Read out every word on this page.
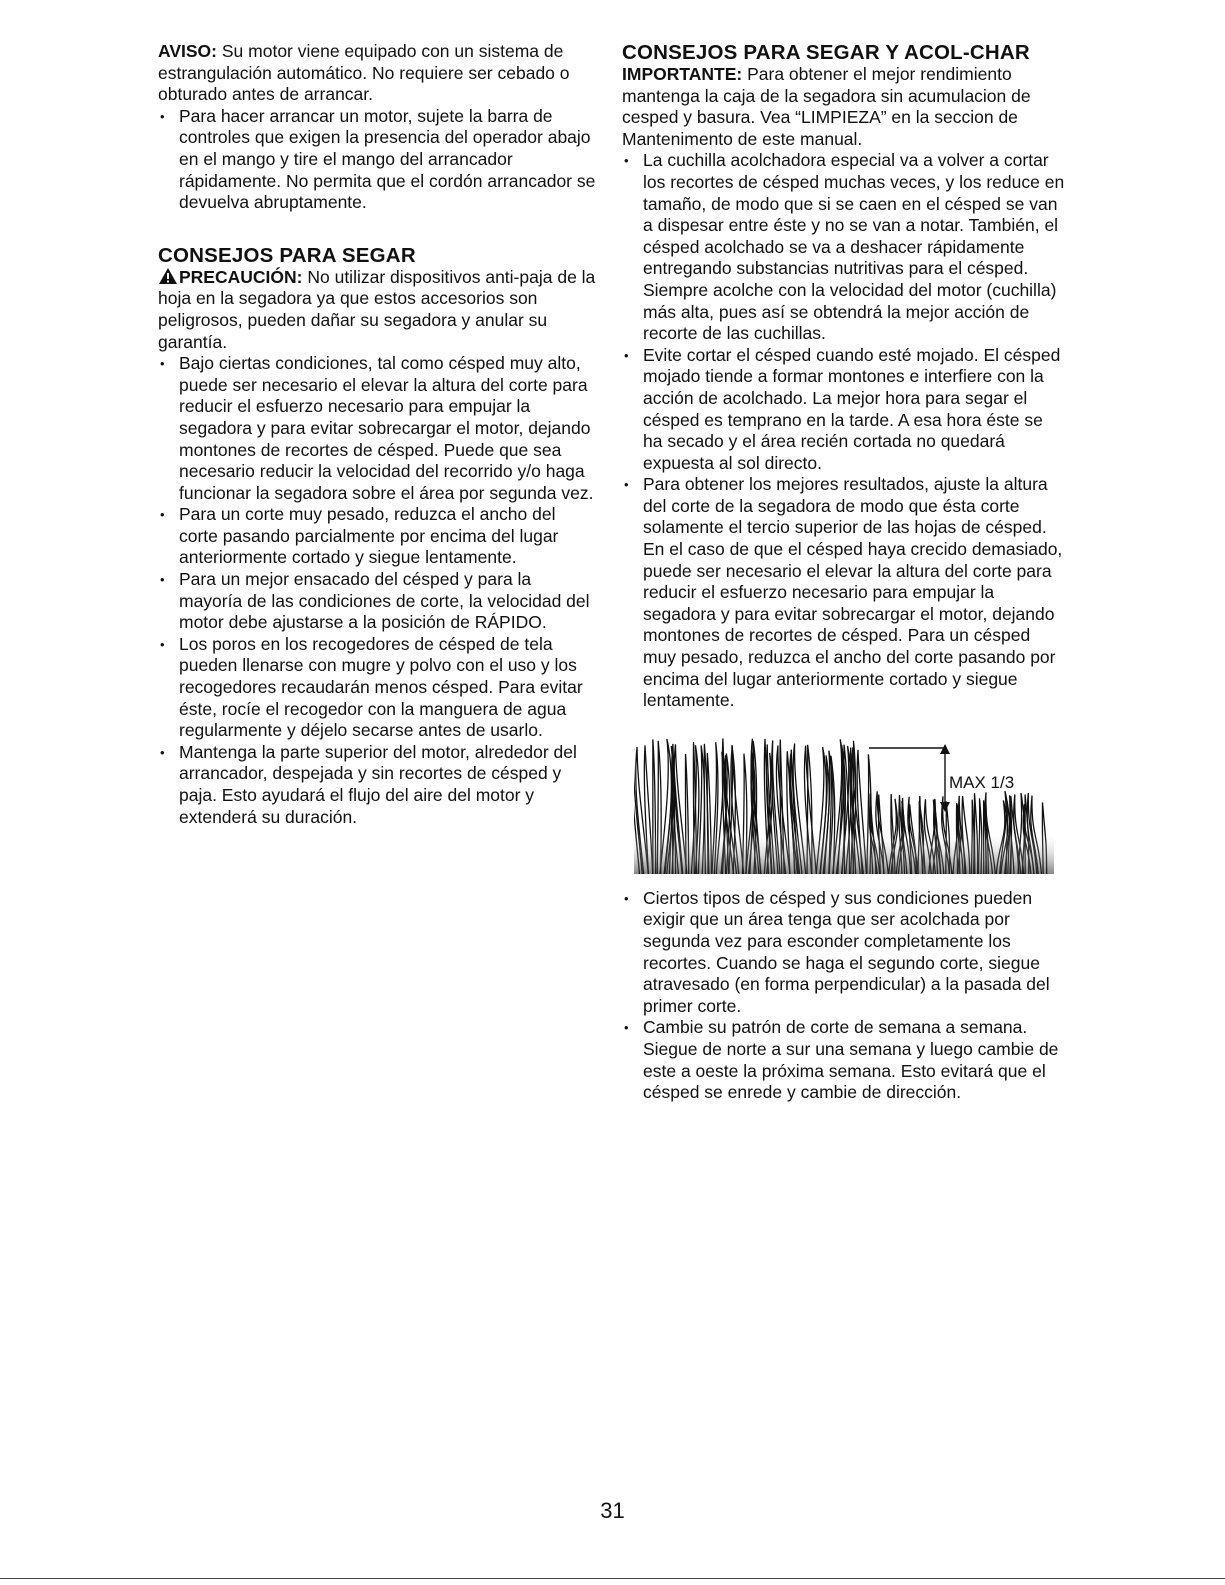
AVISO: Su motor viene equipado con un sistema de estrangulación automático. No requiere ser cebado o obturado antes de arrancar.

• Para hacer arrancar un motor, sujete la barra de controles que exigen la presencia del operador abajo en el mango y tire el mango del arrancador rápidamente. No permita que el cordón arrancador se devuelva abruptamente.
CONSEJOS PARA SEGAR

PRECAUCIÓN: No utilizar dispositivos anti-paja de la hoja en la segadora ya que estos accesorios son peligrosos, pueden dañar su segadora y anular su garantía.

• Bajo ciertas condiciones, tal como césped muy alto, puede ser necesario el elevar la altura del corte para reducir el esfuerzo necesario para empujar la segadora y para evitar sobrecargar el motor, dejando montones de recortes de césped. Puede que sea necesario reducir la velocidad del recorrido y/o haga funcionar la segadora sobre el área por segunda vez.
• Para un corte muy pesado, reduzca el ancho del corte pasando parcialmente por encima del lugar anteriormente cortado y siegue lentamente.
• Para un mejor ensacado del césped y para la mayoría de las condiciones de corte, la velocidad del motor debe ajustarse a la posición de RÁPIDO.
• Los poros en los recogedores de césped de tela pueden llenarse con mugre y polvo con el uso y los recogedores recaudarán menos césped. Para evitar éste, rocíe el recogedor con la manguera de agua regularmente y déjelo secarse antes de usarlo.
• Mantenga la parte superior del motor, alrededor del arrancador, despejada y sin recortes de césped y paja. Esto ayudará el flujo del aire del motor y extenderá su duración.
CONSEJOS PARA SEGAR Y ACOL-CHAR

IMPORTANTE: Para obtener el mejor rendimiento mantenga la caja de la segadora sin acumulacion de cesped y basura. Vea “LIMPIEZA” en la seccion de Mantenimento de este manual.

• La cuchilla acolchadora especial va a volver a cortar los recortes de césped muchas veces, y los reduce en tamaño, de modo que si se caen en el césped se van a dispesar entre éste y no se van a notar. También, el césped acolchado se va a deshacer rápidamente entregando substancias nutritivas para el césped. Siempre acolche con la velocidad del motor (cuchilla) más alta, pues así se obtendrá la mejor acción de recorte de las cuchillas.
• Evite cortar el césped cuando esté mojado. El césped mojado tiende a formar montones e interfiere con la acción de acolchado. La mejor hora para segar el césped es temprano en la tarde. A esa hora éste se ha secado y el área recién cortada no quedará expuesta al sol directo.
• Para obtener los mejores resultados, ajuste la altura del corte de la segadora de modo que ésta corte solamente el tercio superior de las hojas de césped. En el caso de que el césped haya crecido demasiado, puede ser necesario el elevar la altura del corte para reducir el esfuerzo necesario para empujar la segadora y para evitar sobrecargar el motor, dejando montones de recortes de césped. Para un césped muy pesado, reduzca el ancho del corte pasando por encima del lugar anteriormente cortado y siegue lentamente.
MAX 1/3
• Ciertos tipos de césped y sus condiciones pueden exigir que un área tenga que ser acolchada por segunda vez para esconder completamente los recortes. Cuando se haga el segundo corte, siegue atravesado (en forma perpendicular) a la pasada del primer corte.
• Cambie su patrón de corte de semana a semana. Siegue de norte a sur una semana y luego cambie de este a oeste la próxima semana. Esto evitará que el césped se enrede y cambie de dirección.
31
